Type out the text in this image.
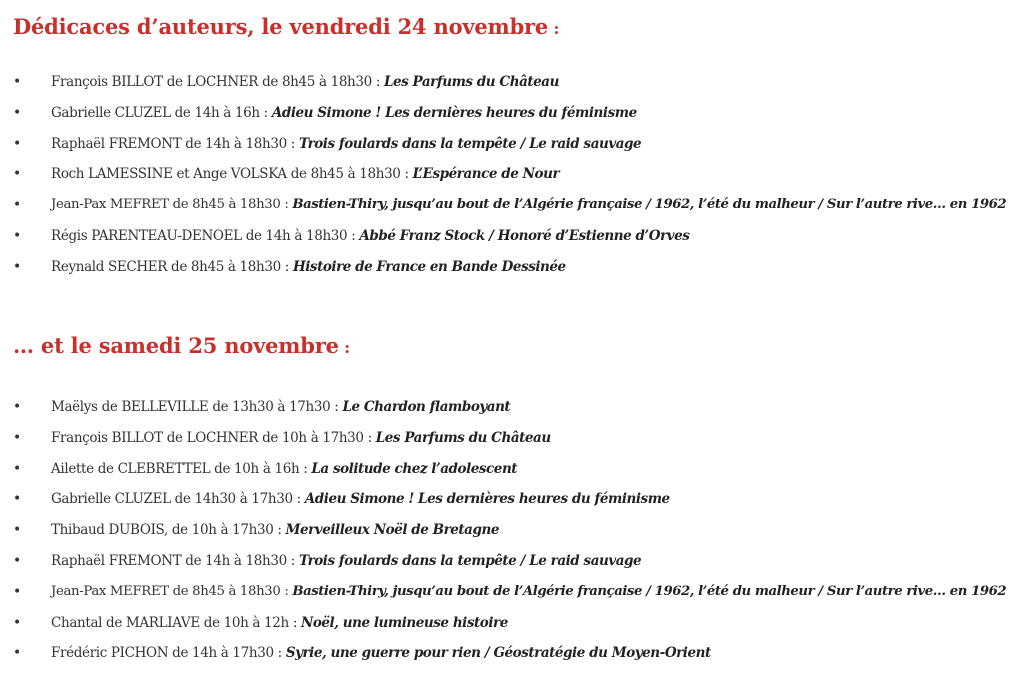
Dédicaces d’auteurs, le vendredi 24 novembre :
• François BILLOT de LOCHNER de 8h45 à 18h30 : Les Parfums du Château
• Gabrielle CLUZEL de 14h à 16h : Adieu Simone ! Les dernières heures du féminisme
• Raphaël FREMONT de 14h à 18h30 : Trois foulards dans la tempête / Le raid sauvage
• Roch LAMESSINE et Ange VOLSKA de 8h45 à 18h30 : L’Espérance de Nour
• Jean-Pax MEFRET de 8h45 à 18h30 : Bastien-Thiry, jusqu’au bout de l’Algérie française / 1962, l’été du malheur / Sur l’autre rive… en 1962
• Régis PARENTEAU-DENOEL de 14h à 18h30 : Abbé Franz Stock / Honoré d’Estienne d’Orves
• Reynald SECHER de 8h45 à 18h30 : Histoire de France en Bande Dessinée
… et le samedi 25 novembre :
• Maëlys de BELLEVILLE de 13h30 à 17h30 : Le Chardon flamboyant
• François BILLOT de LOCHNER de 10h à 17h30 : Les Parfums du Château
• Ailette de CLEBRETTEL de 10h à 16h : La solitude chez l’adolescent
• Gabrielle CLUZEL de 14h30 à 17h30 : Adieu Simone ! Les dernières heures du féminisme
• Thibaud DUBOIS, de 10h à 17h30 : Merveilleux Noël de Bretagne
• Raphaël FREMONT de 14h à 18h30 : Trois foulards dans la tempête / Le raid sauvage
• Jean-Pax MEFRET de 8h45 à 18h30 : Bastien-Thiry, jusqu’au bout de l’Algérie française / 1962, l’été du malheur / Sur l’autre rive… en 1962
• Chantal de MARLIAVE de 10h à 12h : Noël, une lumineuse histoire
• Frédéric PICHON de 14h à 17h30 : Syrie, une guerre pour rien / Géostratégie du Moyen-Orient
